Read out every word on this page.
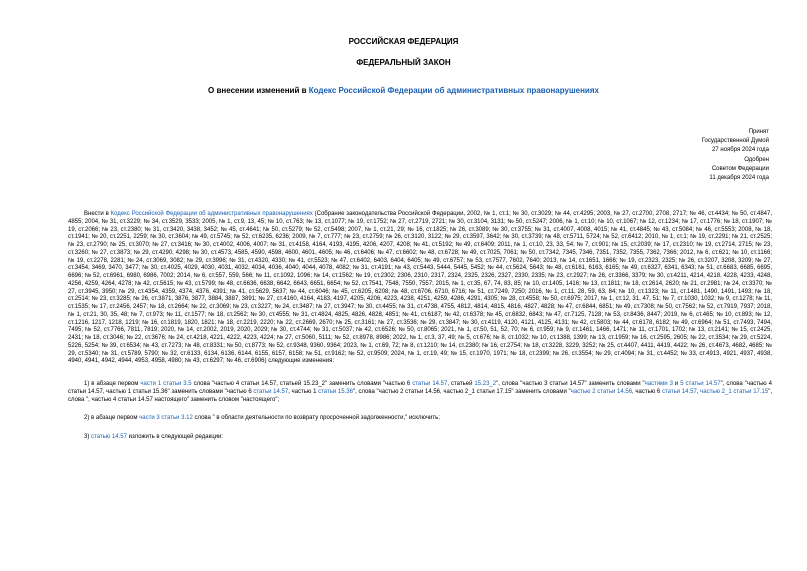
РОССИЙСКАЯ ФЕДЕРАЦИЯ
ФЕДЕРАЛЬНЫЙ ЗАКОН
О внесении изменений в Кодекс Российской Федерации об административных правонарушениях
Принят
Государственной Думой
27 ноября 2024 года
Одобрен
Советом Федерации
11 декабря 2024 года

Внести в Кодекс Российской Федерации об административных правонарушениях (Собрание законодательства Российской Федерации, 2002, № 1, ст.1; № 30, ст.3029; № 44, ст.4295; 2003, № 27, ст.2700, 2708, 2717; № 46, ст.4434; № 50, ст.4847, 4855; 2004, № 31, ст.3229; № 34, ст.3529, 3533; 2005, № 1, ст.9, 13, 45; № 10, ст.763; № 13, ст.1077; № 19, ст.1752; № 27, ст.2719, 2721; № 30, ст.3104, 3131; № 50, ст.5247; 2006, № 1, ст.10; № 10, ст.1067; № 12, ст.1234; № 17, ст.1776; № 18, ст.1907; № 19, ст.2066; № 23, ст.2380; № 31, ст.3420, 3438, 3452; № 45, ст.4641; № 50, ст.5279; № 52, ст.5498; 2007, № 1, ст.21, 29; № 16, ст.1825; № 26, ст.3089; № 30, ст.3755; № 31, ст.4007, 4008, 4015; № 41, ст.4845; № 43, ст.5084; № 46, ст.5553; 2008, № 18, ст.1941; № 20, ст.2251, 2259; № 30, ст.3604; № 49, ст.5745; № 52, ст.6235, 6236; 2009, № 7, ст.777; № 23, ст.2759; № 26, ст.3120, 3122; № 29, ст.3597, 3642; № 30, ст.3739; № 48, ст.5711, 5724; № 52, ст.6412; 2010, № 1, ст.1; № 19, ст.2291; № 21, ст.2525; № 23, ст.2790; № 25, ст.3070; № 27, ст.3416; № 30, ст.4002, 4006, 4007; № 31, ст.4158, 4164, 4193, 4195, 4206, 4207, 4208; № 41, ст.5192; № 49, ст.6409; 2011, № 1, ст.10, 23, 33, 54; № 7, ст.901; № 15, ст.2039; № 17, ст.2310; № 19, ст.2714, 2715; № 23, ст.3260; № 27, ст.3873; № 29, ст.4290, 4298; № 30, ст.4573, 4585, 4590, 4598, 4600, 4601, 4605; № 46, ст.6406; № 47, ст.6602; № 48, ст.6728; № 49, ст.7025, 7061; № 50, ст.7342, 7345, 7346, 7351, 7352, 7355, 7362, 7366; 2012, № 6, ст.621; № 10, ст.1166; № 19, ст.2278, 2281; № 24, ст.3069, 3082; № 29, ст.3996; № 31, ст.4320, 4330; № 41, ст.5523; № 47, ст.6402, 6403, 6404, 6405; № 49, ст.6757; № 53, ст.7577, 7602, 7640; 2013, № 14, ст.1651, 1666; № 19, ст.2323, 2325; № 26, ст.3207, 3208, 3209; № 27, ст.3454, 3469, 3470, 3477; № 30, ст.4025, 4029, 4030, 4031, 4032, 4034, 4036, 4040, 4044, 4078, 4082; № 31, ст.4191; № 43, ст.5443, 5444, 5445, 5452; № 44, ст.5624, 5643; № 48, ст.6161, 6163, 6165; № 49, ст.6327, 6341, 6343; № 51, ст.6683, 6685, 6695, 6696; № 52, ст.6961, 6980, 6986, 7002; 2014, № 6, ст.557, 559, 566; № 11, ст.1092, 1096; № 14, ст.1562; № 19, ст.2302, 2306, 2310, 2317, 2324, 2325, 2326, 2327, 2330, 2335; № 23, ст.2927; № 26, ст.3366, 3379; № 30, ст.4211, 4214, 4218, 4228, 4233, 4248, 4256, 4259, 4264, 4278; № 42, ст.5615; № 43, ст.5799; № 48, ст.6636, 6638, 6642, 6643, 6651, 6654; № 52, ст.7541, 7548, 7550, 7557; 2015, № 1, ст.35, 67, 74, 83, 85; № 10, ст.1405, 1416; № 13, ст.1811; № 18, ст.2614, 2620; № 21, ст.2981; № 24, ст.3370; № 27, ст.3945, 3950; № 29, ст.4354, 4359, 4374, 4376, 4391; № 41, ст.5629, 5637; № 44, ст.6046; № 45, ст.6205, 6208; № 48, ст.6706, 6710, 6716; № 51, ст.7249, 7250; 2016, № 1, ст.11, 28, 59, 63, 84; № 10, ст.1323; № 11, ст.1481, 1490, 1491, 1493; № 18, ст.2514; № 23, ст.3285; № 26, ст.3871, 3876, 3877, 3884, 3887, 3891; № 27, ст.4160, 4164, 4183, 4197, 4205, 4206, 4223, 4238, 4251, 4259, 4286, 4291, 4305; № 28, ст.4558; № 50, ст.6975; 2017, № 1, ст.12, 31, 47, 51; № 7, ст.1030, 1032; № 9, ст.1278; № 11, ст.1535; № 17, ст.2456, 2457; № 18, ст.2664; № 22, ст.3069; № 23, ст.3227; № 24, ст.3487; № 27, ст.3947; № 30, ст.4455; № 31, ст.4738, 4755, 4812, 4814, 4815, 4816, 4827, 4828; № 47, ст.6844, 6851; № 49, ст.7308; № 50, ст.7562; № 52, ст.7919, 7937; 2018, № 1, ст.21, 30, 35, 48; № 7, ст.973; № 11, ст.1577; № 18, ст.2562; № 30, ст.4555; № 31, ст.4824, 4825, 4826, 4828, 4851; № 41, ст.6187; № 42, ст.6378; № 45, ст.6832, 6843; № 47, ст.7125, 7128; № 53, ст.8436, 8447; 2019, № 6, ст.465; № 10, ст.893; № 12, ст.1216, 1217, 1218, 1219; № 16, ст.1819, 1820, 1821; № 18, ст.2219, 2220; № 22, ст.2669, 2670; № 25, ст.3161; № 27, ст.3536; № 29, ст.3847; № 30, ст.4119, 4120, 4121, 4125, 4131; № 42, ст.5803; № 44, ст.6178, 6182; № 49, ст.6964; № 51, ст.7493, 7494, 7495; № 52, ст.7766, 7811, 7819; 2020, № 14, ст.2002, 2019, 2020, 2029; № 30, ст.4744; № 31, ст.5037; № 42, ст.6526; № 50, ст.8065; 2021, № 1, ст.50, 51, 52, 70; № 6, ст.959; № 9, ст.1461, 1466, 1471; № 11, ст.1701, 1702; № 13, ст.2141; № 15, ст.2425, 2431; № 18, ст.3046; № 22, ст.3676; № 24, ст.4218, 4221, 4222, 4223, 4224; № 27, ст.5060, 5111; № 52, ст.8978, 8986; 2022, № 1, ст.3, 37, 49; № 5, ст.676; № 8, ст.1032; № 10, ст.1388, 1399; № 13, ст.1959; № 16, ст.2595, 2605; № 22, ст.3534; № 29, ст.5224, 5226, 5254; № 39, ст.6534; № 43, ст.7273; № 48, ст.8331; № 50, ст.8773; № 52, ст.9348, 9360, 9364; 2023, № 1, ст.69, 72; № 8, ст.1210; № 14, ст.2380; № 16, ст.2754; № 18, ст.3228, 3229, 3252; № 25, ст.4407, 4411, 4419, 4422; № 26, ст.4673, 4682, 4685; № 29, ст.5340; № 31, ст.5789, 5790; № 32, ст.6133, 6134, 6136, 6144, 6155, 6157, 6158; № 51, ст.9162; № 52, ст.9509; 2024, № 1, ст.19, 49; № 15, ст.1970, 1971; № 18, ст.2399; № 26, ст.3554; № 29, ст.4094; № 31, ст.4452; № 33, ст.4913, 4921, 4937, 4938, 4940, 4941, 4942, 4944, 4953, 4958, 4980; № 43, ст.6297; № 46, ст.6906) следующие изменения:

1) в абзаце первом части 1 статьи 3.5 слова "частью 4 статьи 14.57, статьей 15.23_2" заменить словами "частью 6 статьи 14.57, статьей 15.23_2", слова "частью 3 статьи 14.57" заменить словами "частями 3 и 5 статьи 14.57", слова "частью 4 статьи 14.57, частью 1 статьи 15.36" заменить словами "частью 6 статьи 14.57, частью 1 статьи 15.36", слова "частью 2 статьи 14.56, частью 2_1 статьи 17.15" заменить словами "частью 2 статьи 14.56, частью 6 статьи 14.57, частью 2_1 статьи 17.15", слова ", частью 4 статьи 14.57 настоящего" заменить словом "настоящего";

2) в абзаце первом части 3 статьи 3.12 слова " в области деятельности по возврату просроченной задолженности," исключить;

3) статью 14.57 изложить в следующей редакции:
